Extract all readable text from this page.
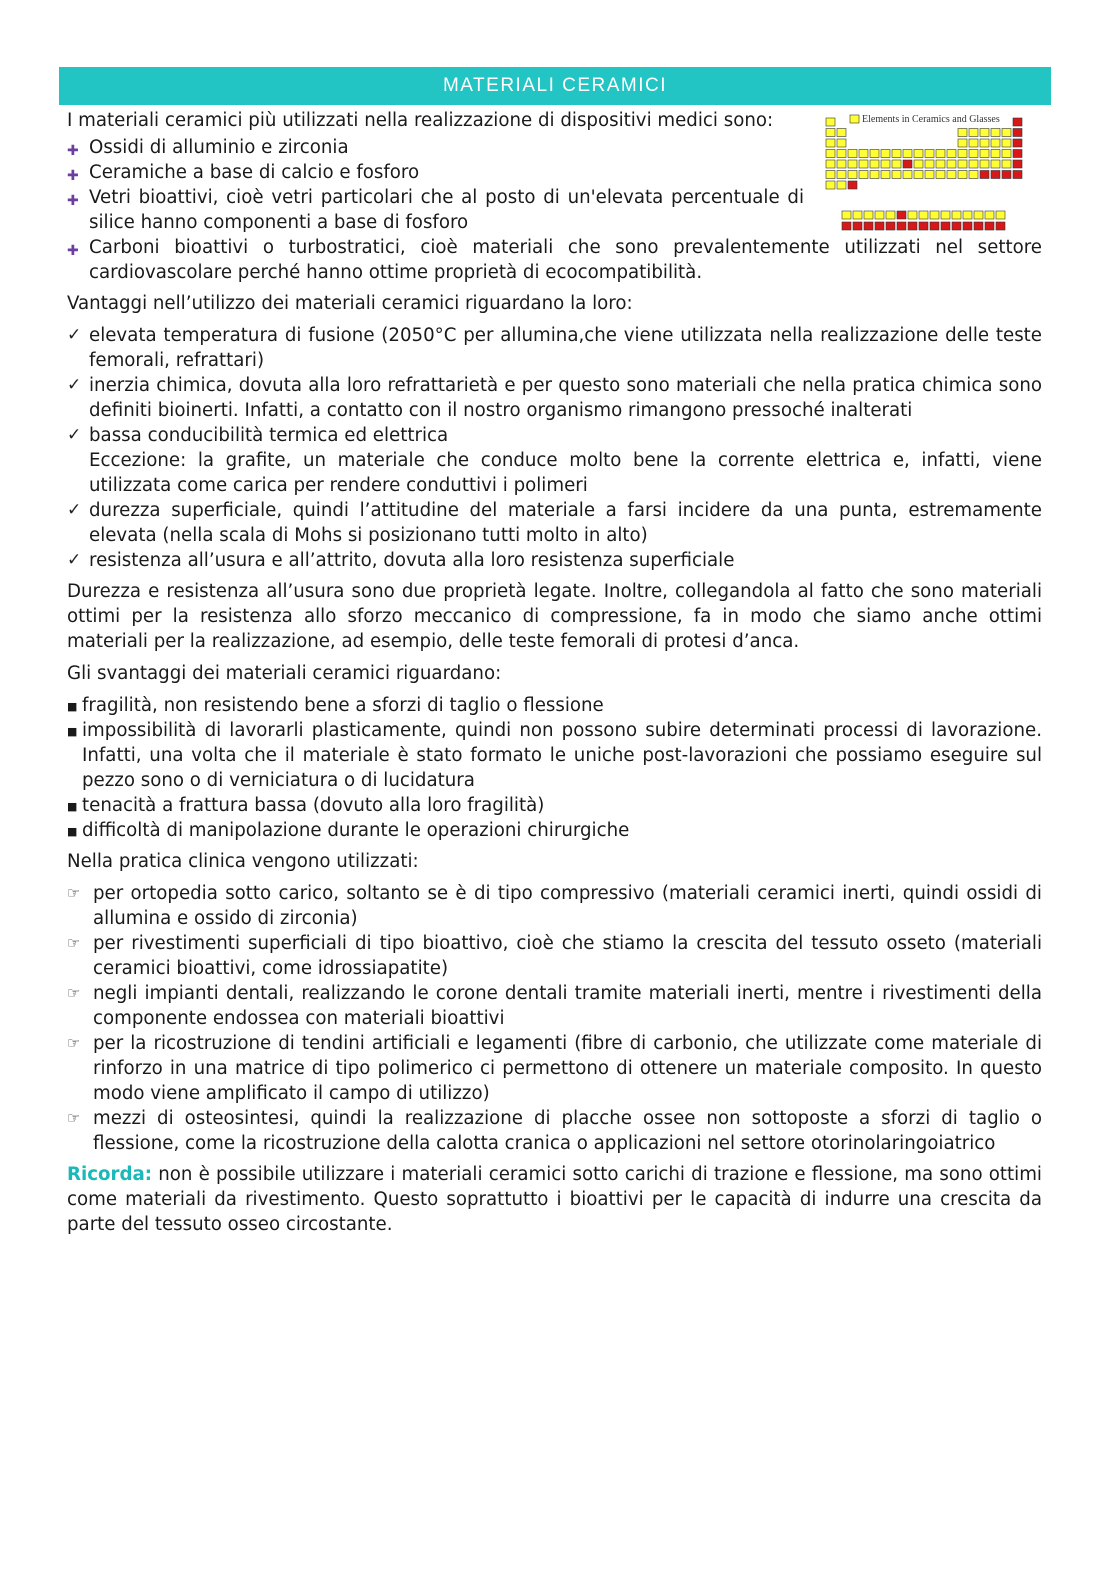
MATERIALI CERAMICI
Elements in Ceramics and Glasses

I materiali ceramici più utilizzati nella realizzazione di dispositivi medici sono:

✚ Ossidi di alluminio e zirconia
✚ Ceramiche a base di calcio e fosforo
✚ Vetri bioattivi, cioè vetri particolari che al posto di un'elevata percentuale di silice hanno componenti a base di fosforo
✚ Carboni bioattivi o turbostratici, cioè materiali che sono prevalentemente utilizzati nel settore cardiovascolare perché hanno ottime proprietà di ecocompatibilità.

Vantaggi nell’utilizzo dei materiali ceramici riguardano la loro:

✓ elevata temperatura di fusione (2050°C per allumina,che viene utilizzata nella realizzazione delle teste femorali, refrattari)
✓ inerzia chimica, dovuta alla loro refrattarietà e per questo sono materiali che nella pratica chimica sono definiti bioinerti. Infatti, a contatto con il nostro organismo rimangono pressoché inalterati
✓ bassa conducibilità termica ed elettrica
Eccezione: la grafite, un materiale che conduce molto bene la corrente elettrica e, infatti, viene utilizzata come carica per rendere conduttivi i polimeri
✓ durezza superficiale, quindi l’attitudine del materiale a farsi incidere da una punta, estremamente elevata (nella scala di Mohs si posizionano tutti molto in alto)
✓ resistenza all’usura e all’attrito, dovuta alla loro resistenza superficiale

Durezza e resistenza all’usura sono due proprietà legate. Inoltre, collegandola al fatto che sono materiali ottimi per la resistenza allo sforzo meccanico di compressione, fa in modo che siamo anche ottimi materiali per la realizzazione, ad esempio, delle teste femorali di protesi d’anca.

Gli svantaggi dei materiali ceramici riguardano:

■ fragilità, non resistendo bene a sforzi di taglio o flessione
■ impossibilità di lavorarli plasticamente, quindi non possono subire determinati processi di lavorazione. Infatti, una volta che il materiale è stato formato le uniche post-lavorazioni che possiamo eseguire sul pezzo sono o di verniciatura o di lucidatura
■ tenacità a frattura bassa (dovuto alla loro fragilità)
■ difficoltà di manipolazione durante le operazioni chirurgiche

Nella pratica clinica vengono utilizzati:

☞ per ortopedia sotto carico, soltanto se è di tipo compressivo (materiali ceramici inerti, quindi ossidi di allumina e ossido di zirconia)
☞ per rivestimenti superficiali di tipo bioattivo, cioè che stiamo la crescita del tessuto osseto (materiali ceramici bioattivi, come idrossiapatite)
☞ negli impianti dentali, realizzando le corone dentali tramite materiali inerti, mentre i rivestimenti della componente endossea con materiali bioattivi
☞ per la ricostruzione di tendini artificiali e legamenti (fibre di carbonio, che utilizzate come materiale di rinforzo in una matrice di tipo polimerico ci permettono di ottenere un materiale composito. In questo modo viene amplificato il campo di utilizzo)
☞ mezzi di osteosintesi, quindi la realizzazione di placche ossee non sottoposte a sforzi di taglio o flessione, come la ricostruzione della calotta cranica o applicazioni nel settore otorinolaringoiatrico

Ricorda: non è possibile utilizzare i materiali ceramici sotto carichi di trazione e flessione, ma sono ottimi come materiali da rivestimento. Questo soprattutto i bioattivi per le capacità di indurre una crescita da parte del tessuto osseo circostante.
